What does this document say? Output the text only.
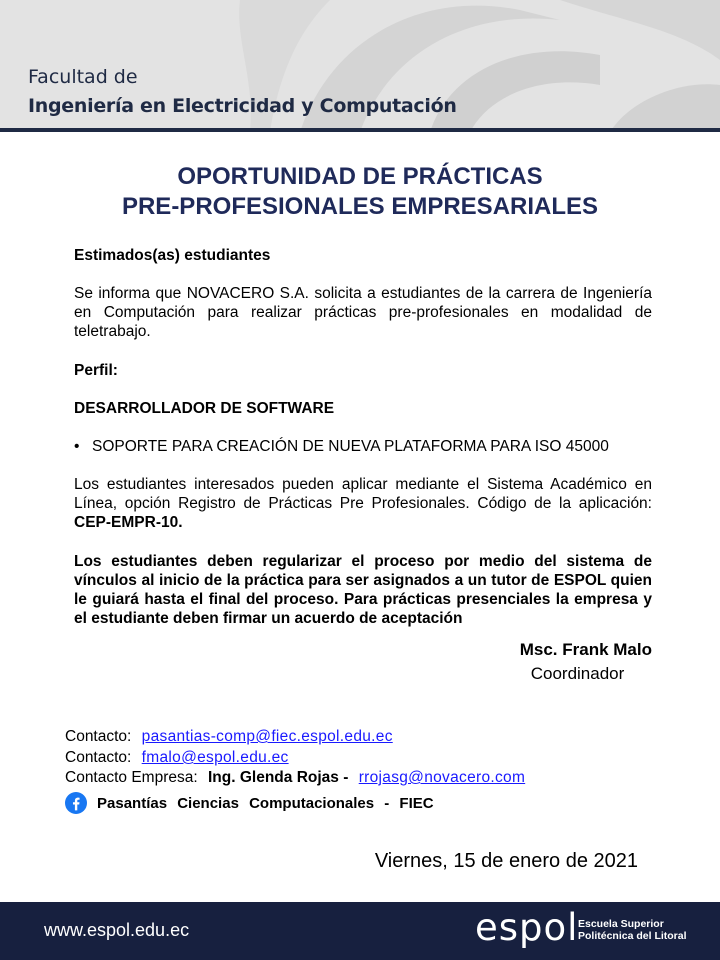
Facultad de
Ingeniería en Electricidad y Computación
OPORTUNIDAD DE PRÁCTICAS
PRE-PROFESIONALES EMPRESARIALES
Estimados(as) estudiantes
Se informa que NOVACERO S.A. solicita a estudiantes de la carrera de Ingeniería en Computación para realizar prácticas pre-profesionales en modalidad de teletrabajo.
Perfil:
DESARROLLADOR DE SOFTWARE
• SOPORTE PARA CREACIÓN DE NUEVA PLATAFORMA PARA ISO 45000
Los estudiantes interesados pueden aplicar mediante el Sistema Académico en Línea, opción Registro de Prácticas Pre Profesionales. Código de la aplicación: CEP-EMPR-10.
Los estudiantes deben regularizar el proceso por medio del sistema de vínculos al inicio de la práctica para ser asignados a un tutor de ESPOL quien le guiará hasta el final del proceso. Para prácticas presenciales la empresa y el estudiante deben firmar un acuerdo de aceptación
Msc. Frank Malo
Coordinador
Contacto: pasantias-comp@fiec.espol.edu.ec
Contacto: fmalo@espol.edu.ec
Contacto Empresa: Ing. Glenda Rojas - rrojasg@novacero.com
Pasantías Ciencias Computacionales - FIEC
Viernes, 15 de enero de 2021
www.espol.edu.ec	espol Escuela Superior
Politécnica del Litoral
